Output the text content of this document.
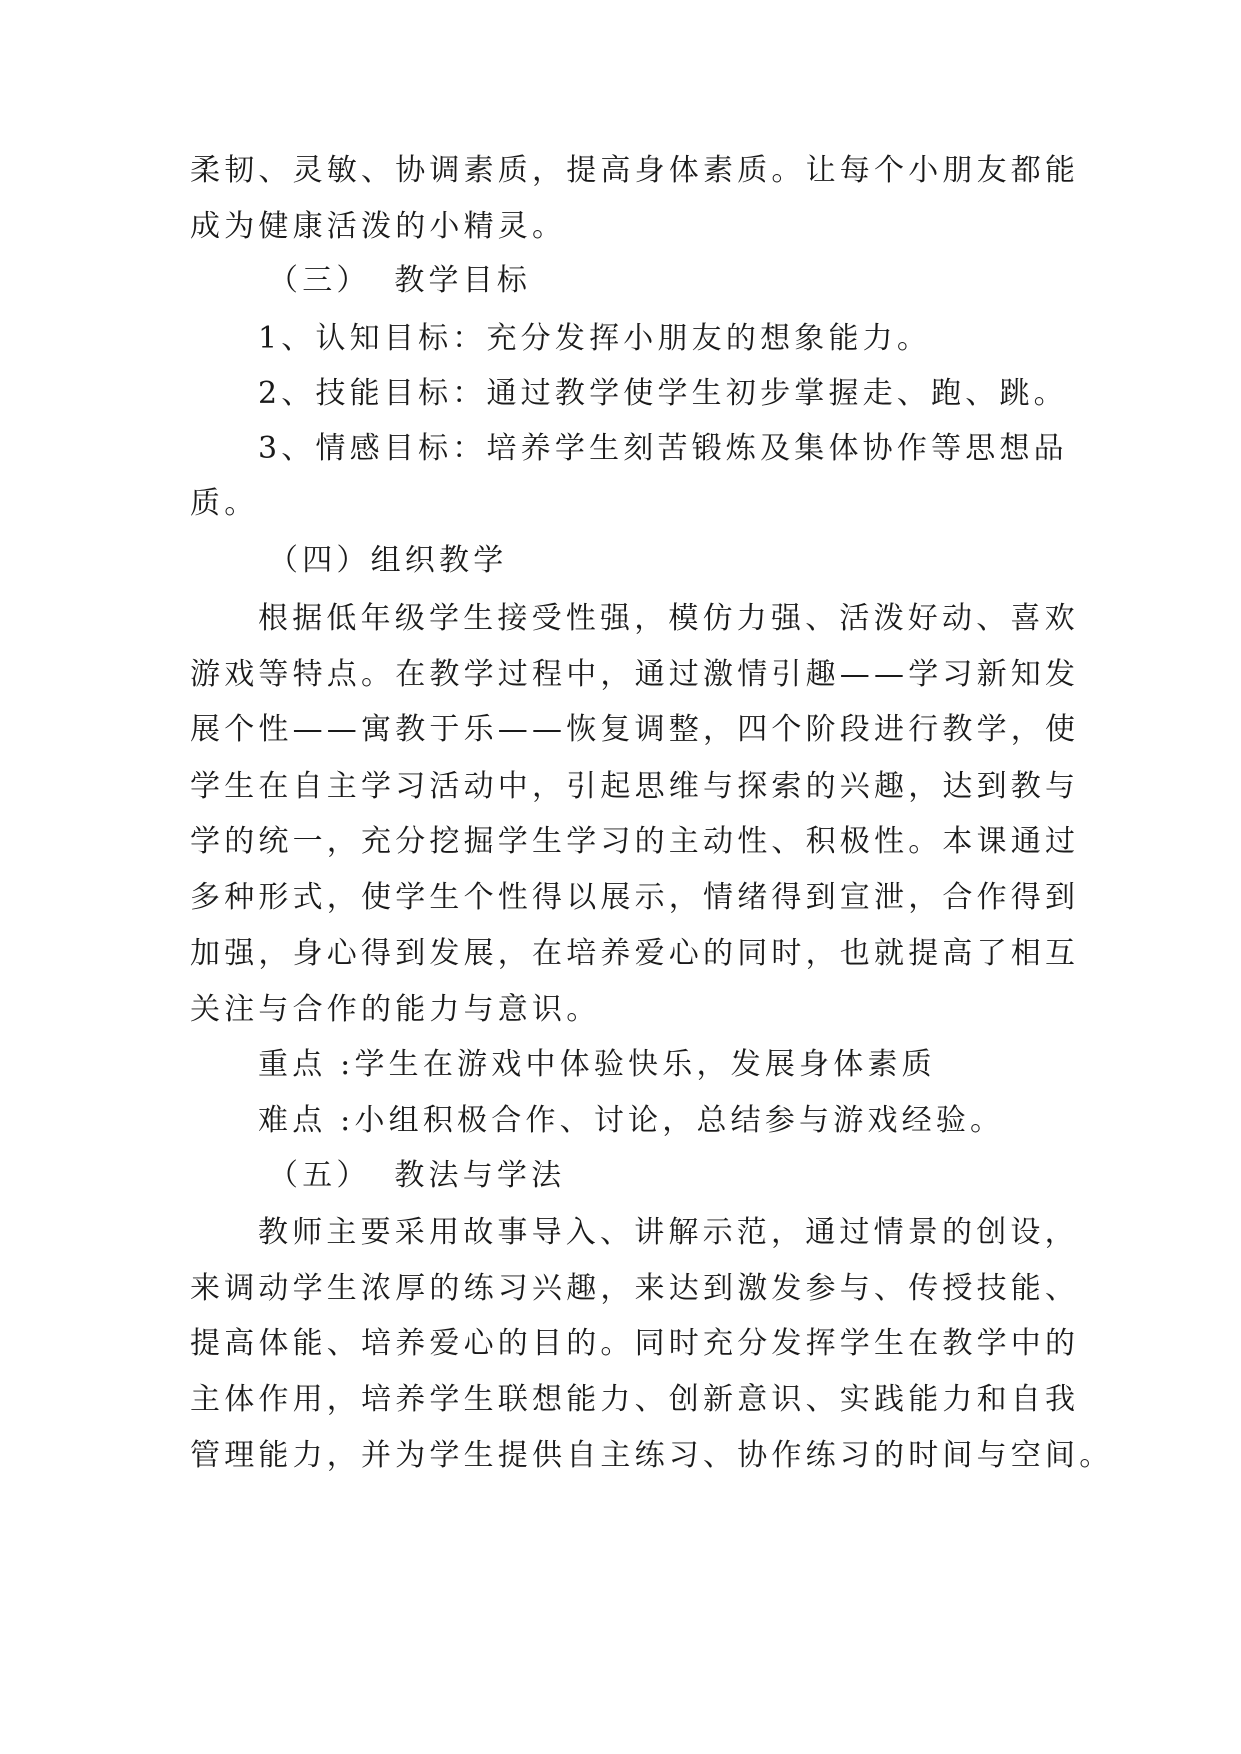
柔韧、灵敏、协调素质，提高身体素质。让每个小朋友都能
成为健康活泼的小精灵。
（三） 教学目标
1、认知目标：充分发挥小朋友的想象能力。
2、技能目标：通过教学使学生初步掌握走、跑、跳。
3、情感目标：培养学生刻苦锻炼及集体协作等思想品
质。
（四）组织教学
根据低年级学生接受性强，模仿力强、活泼好动、喜欢
游戏等特点。在教学过程中，通过激情引趣——学习新知发
展个性——寓教于乐——恢复调整，四个阶段进行教学，使
学生在自主学习活动中，引起思维与探索的兴趣，达到教与
学的统一，充分挖掘学生学习的主动性、积极性。本课通过
多种形式，使学生个性得以展示，情绪得到宣泄，合作得到
加强，身心得到发展，在培养爱心的同时，也就提高了相互
关注与合作的能力与意识。
重点 :学生在游戏中体验快乐，发展身体素质
难点 :小组积极合作、讨论，总结参与游戏经验。
（五） 教法与学法
教师主要采用故事导入、讲解示范，通过情景的创设，
来调动学生浓厚的练习兴趣，来达到激发参与、传授技能、
提高体能、培养爱心的目的。同时充分发挥学生在教学中的
主体作用，培养学生联想能力、创新意识、实践能力和自我
管理能力，并为学生提供自主练习、协作练习的时间与空间。
